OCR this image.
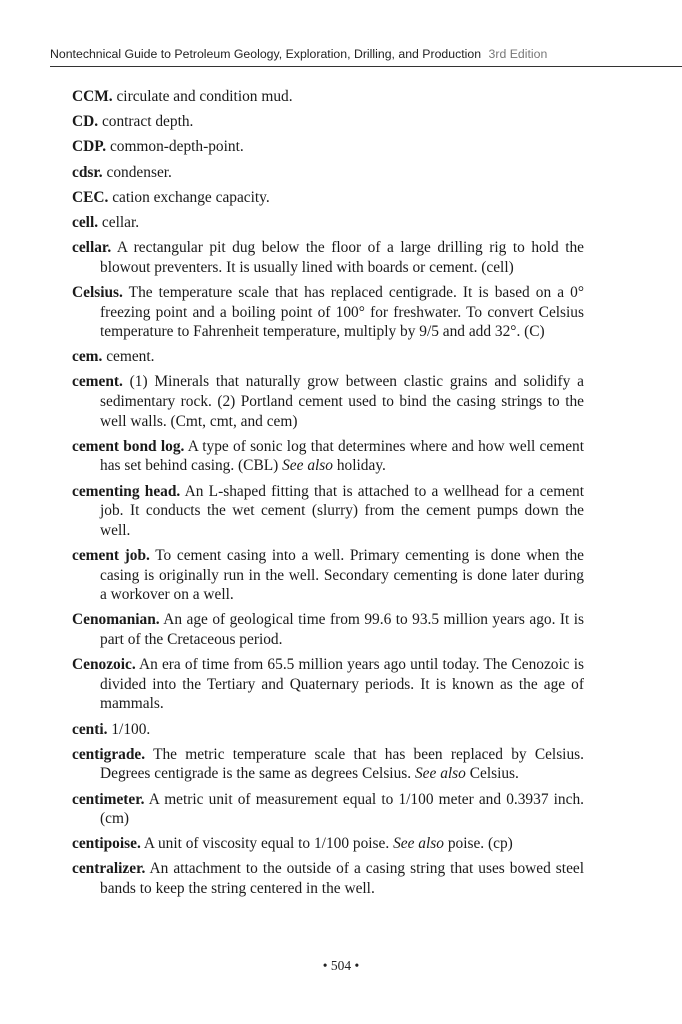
Nontechnical Guide to Petroleum Geology, Exploration, Drilling, and Production 3rd Edition

CCM. circulate and condition mud.

CD. contract depth.

CDP. common-depth-point.

cdsr. condenser.

CEC. cation exchange capacity.

cell. cellar.

cellar. A rectangular pit dug below the floor of a large drilling rig to hold the blowout preventers. It is usually lined with boards or cement. (cell)

Celsius. The temperature scale that has replaced centigrade. It is based on a 0° freezing point and a boiling point of 100° for freshwater. To convert Celsius temperature to Fahrenheit temperature, multiply by 9/5 and add 32°. (C)

cem. cement.

cement. (1) Minerals that naturally grow between clastic grains and solidify a sedimentary rock. (2) Portland cement used to bind the casing strings to the well walls. (Cmt, cmt, and cem)

cement bond log. A type of sonic log that determines where and how well cement has set behind casing. (CBL) See also holiday.

cementing head. An L-shaped fitting that is attached to a wellhead for a cement job. It conducts the wet cement (slurry) from the cement pumps down the well.

cement job. To cement casing into a well. Primary cementing is done when the casing is originally run in the well. Secondary cementing is done later during a workover on a well.

Cenomanian. An age of geological time from 99.6 to 93.5 million years ago. It is part of the Cretaceous period.

Cenozoic. An era of time from 65.5 million years ago until today. The Cenozoic is divided into the Tertiary and Quaternary periods. It is known as the age of mammals.

centi. 1/100.

centigrade. The metric temperature scale that has been replaced by Celsius. Degrees centigrade is the same as degrees Celsius. See also Celsius.

centimeter. A metric unit of measurement equal to 1/100 meter and 0.3937 inch. (cm)

centipoise. A unit of viscosity equal to 1/100 poise. See also poise. (cp)

centralizer. An attachment to the outside of a casing string that uses bowed steel bands to keep the string centered in the well.

• 504 •
